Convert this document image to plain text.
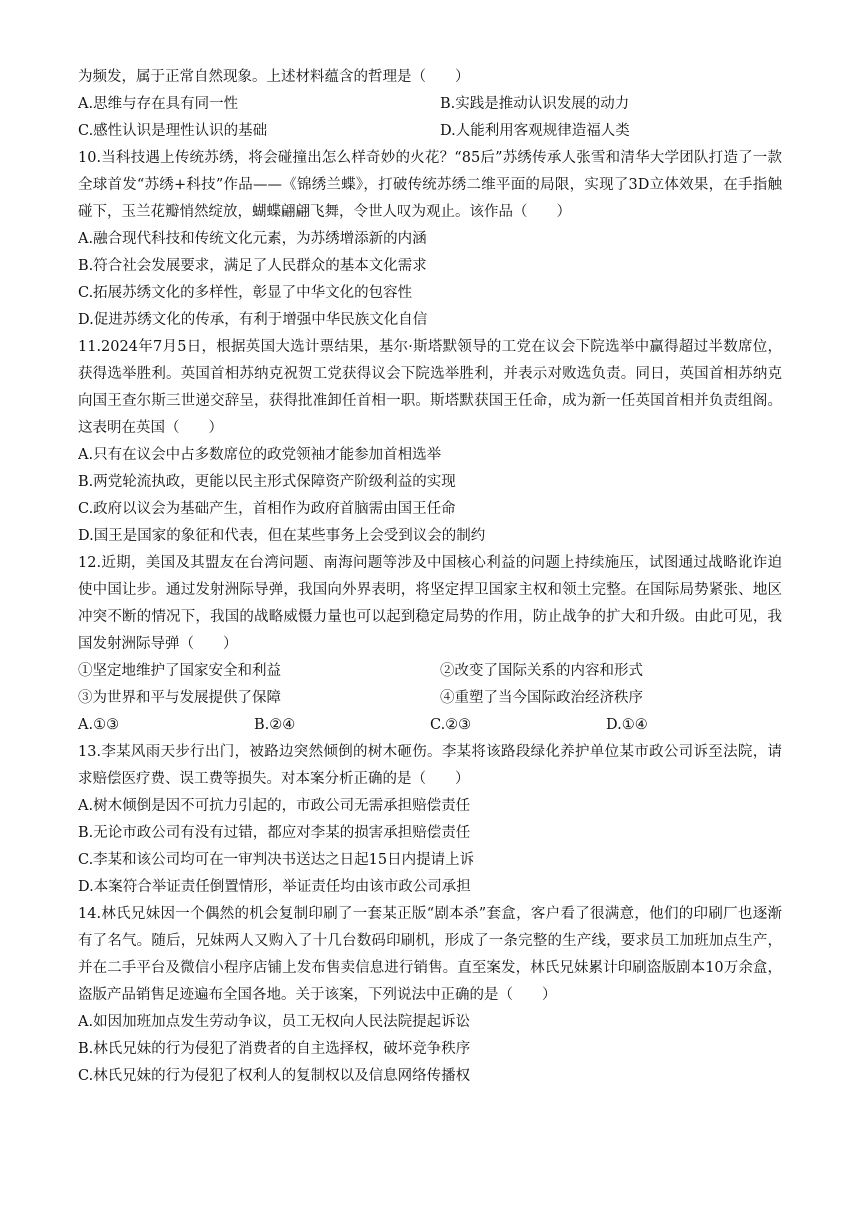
为频发，属于正常自然现象。上述材料蕴含的哲理是（　　）
A.思维与存在具有同一性	B.实践是推动认识发展的动力
C.感性认识是理性认识的基础	D.人能利用客观规律造福人类
10.当科技遇上传统苏绣，将会碰撞出怎么样奇妙的火花？“85后”苏绣传承人张雪和清华大学团队打造了一款全球首发“苏绣+科技”作品——《锦绣兰蝶》，打破传统苏绣二维平面的局限，实现了3D立体效果，在手指触碰下，玉兰花瓣悄然绽放，蝴蝶翩翩飞舞，令世人叹为观止。该作品（　　）
A.融合现代科技和传统文化元素，为苏绣增添新的内涵
B.符合社会发展要求，满足了人民群众的基本文化需求
C.拓展苏绣文化的多样性，彰显了中华文化的包容性
D.促进苏绣文化的传承，有利于增强中华民族文化自信
11.2024年7月5日，根据英国大选计票结果，基尔·斯塔默领导的工党在议会下院选举中赢得超过半数席位，获得选举胜利。英国首相苏纳克祝贺工党获得议会下院选举胜利，并表示对败选负责。同日，英国首相苏纳克向国王查尔斯三世递交辞呈，获得批准卸任首相一职。斯塔默获国王任命，成为新一任英国首相并负责组阁。这表明在英国（　　）
A.只有在议会中占多数席位的政党领袖才能参加首相选举
B.两党轮流执政，更能以民主形式保障资产阶级利益的实现
C.政府以议会为基础产生，首相作为政府首脑需由国王任命
D.国王是国家的象征和代表，但在某些事务上会受到议会的制约
12.近期，美国及其盟友在台湾问题、南海问题等涉及中国核心利益的问题上持续施压，试图通过战略讹诈迫使中国让步。通过发射洲际导弹，我国向外界表明，将坚定捍卫国家主权和领土完整。在国际局势紧张、地区冲突不断的情况下，我国的战略威慑力量也可以起到稳定局势的作用，防止战争的扩大和升级。由此可见，我国发射洲际导弹（　　）
①坚定地维护了国家安全和利益	②改变了国际关系的内容和形式
③为世界和平与发展提供了保障	④重塑了当今国际政治经济秩序
A.①③	B.②④	C.②③	D.①④
13.李某风雨天步行出门，被路边突然倾倒的树木砸伤。李某将该路段绿化养护单位某市政公司诉至法院，请求赔偿医疗费、误工费等损失。对本案分析正确的是（　　）
A.树木倾倒是因不可抗力引起的，市政公司无需承担赔偿责任
B.无论市政公司有没有过错，都应对李某的损害承担赔偿责任
C.李某和该公司均可在一审判决书送达之日起15日内提请上诉
D.本案符合举证责任倒置情形，举证责任均由该市政公司承担
14.林氏兄妹因一个偶然的机会复制印刷了一套某正版“剧本杀”套盒，客户看了很满意，他们的印刷厂也逐渐有了名气。随后，兄妹两人又购入了十几台数码印刷机，形成了一条完整的生产线，要求员工加班加点生产，并在二手平台及微信小程序店铺上发布售卖信息进行销售。直至案发，林氏兄妹累计印刷盗版剧本10万余盒，盗版产品销售足迹遍布全国各地。关于该案，下列说法中正确的是（　　）
A.如因加班加点发生劳动争议，员工无权向人民法院提起诉讼
B.林氏兄妹的行为侵犯了消费者的自主选择权，破坏竞争秩序
C.林氏兄妹的行为侵犯了权利人的复制权以及信息网络传播权
